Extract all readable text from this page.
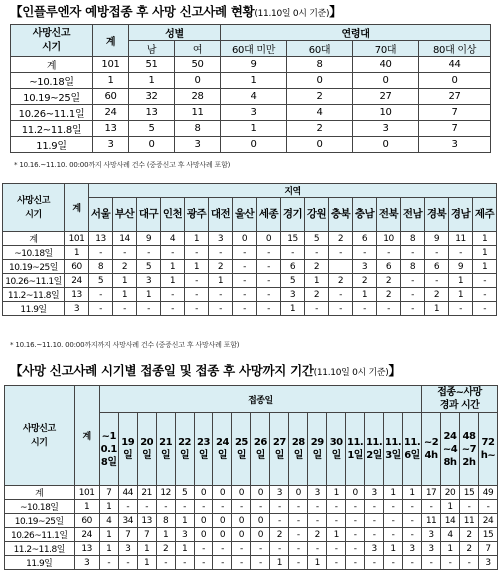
【인플루엔자 예방접종 후 사망 신고사례 현황(11.10일 0시 기준)】
사망신고
시기	계	성별		연령대			
		남	여	60대 미만	60대	70대	80대 이상
계	101	51	50	9	8	40	44
~10.18일	1	1	0	1	0	0	0
10.19~25일	60	32	28	4	2	27	27
10.26~11.1일	24	13	11	3	4	10	7
11.2~11.8일	13	5	8	1	2	3	7
11.9일	3	0	3	0	0	0	3
* 10.16.~11.10. 00:00까지 사망사례 건수 (중증신고 후 사망사례 포함)
사망신고
시기	계	지역																
		서울	부산	대구	인천	광주	대전	울산	세종	경기	강원	충북	충남	전북	전남	경북	경남	제주
계	101	13	14	9	4	1	3	0	0	15	5	2	6	10	8	9	11	1
~10.18일	1	-	-	-	-	-	-	-	-	-	-	-	-	-	-	-	-	1
10.19~25일	60	8	2	5	1	1	2	-	-	6	2		3	6	8	6	9	1
10.26~11.1일	24	5	1	3	1	-	1	-	-	5	1	2	2	2	-	-	1	-
11.2~11.8일	13	-	1	1	-	-	-	-	-	3	2	-	1	2	-	2	1	-
11.9일	3	-	-	-	-	-	-	-	-	1	-	-	-	-	-	1	-	-
* 10.16.~11.10. 00:00까지까지 사망사례 건수 (중증신고 후 사망사례 포함)
【사망 신고사례 시기별 접종일 및 접종 후 사망까지 기간(11.10일 0시 기준)】
사망신고
시기	계	접종일																	접종~사망
경과 시간			
		~10.18일	19일	20일	21일	22일	23일	24일	25일	26일	27일	28일	29일	30일	11.1일	11.2일	11.3일	11.6일	~24h	24~48h	48~72h	72h~
계	101	7	44	21	12	5	0	0	0	0	3	0	3	1	0	3	1	1	17	20	15	49
~10.18일	1	1	-	-	-	-	-	-	-	-	-	-	-	-	-	-	-	-	-	1	-	-
10.19~25일	60	4	34	13	8	1	0	0	0	0	-	-	-	-	-	-	-	-	11	14	11	24
10.26~11.1일	24	1	7	7	1	3	0	0	0	0	2	-	2	1	-	-	-	-	3	4	2	15
11.2~11.8일	13	1	3	1	2	1	-	-	-	-	-	-	-	-	-	3	1	3	3	1	2	7
11.9일	3	-	-	1	-	-	-	-	-	-	1	-	1	-	-	-	-	-	-	-	-	3
